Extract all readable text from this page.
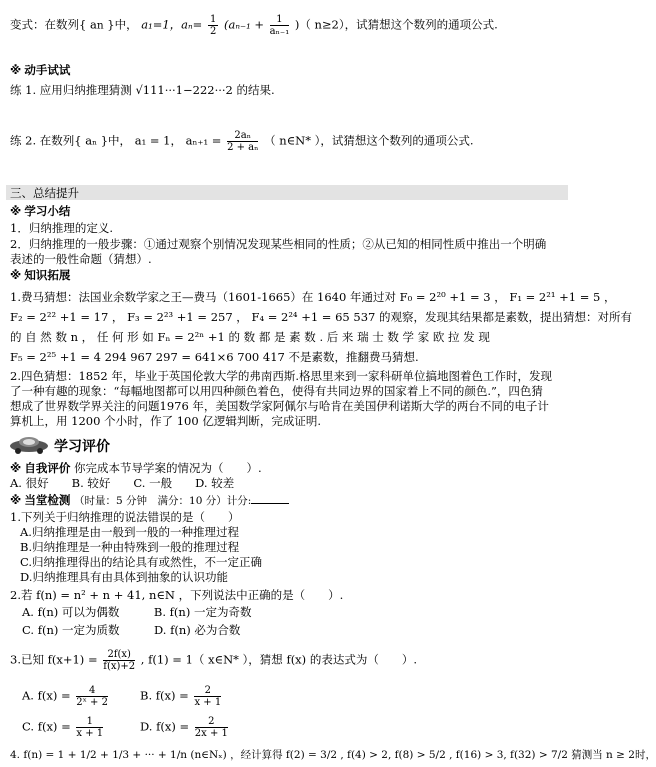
变式：在数列{ an }中， a₁=1，$a_n= \frac{1}{2} (a_{n-1} + \frac{1}{\text{aₙ₋₁}}$ )（ n≥2），试猜想这个数列的通项公式.
※ 动手试试
练 1. 应用归纳推理猜测 √111···1−222···2 的结果.
练 2. 在数列{ aₙ }中， a₁ = 1， $a_{n+1} = \frac{\text{2aₙ}}{\text{2 + aₙ}}$ （ n∈N* ），试猜想这个数列的通项公式.
三、总结提升
※ 学习小结
1．归纳推理的定义.
2．归纳推理的一般步骤：①通过观察个别情况发现某些相同的性质；②从已知的相同性质中推出一个明确
表述的一般性命题（猜想）.
※ 知识拓展
1.费马猜想：法国业余数学家之王—费马（1601-1665）在 1640 年通过对 F₀ = 2²⁰ +1 = 3 ， F₁ = 2²¹ +1 = 5 ，
F₂ = 2²² +1 = 17 ， F₃ = 2²³ +1 = 257 ， F₄ = 2²⁴ +1 = 65 537 的观察，发现其结果都是素数，提出猜想：对所有
的 自 然 数 n ， 任 何 形 如 Fₙ = 2²ⁿ +1 的 数 都 是 素 数 . 后 来 瑞 士 数 学 家 欧 拉 发 现
F₅ = 2²⁵ +1 = 4 294 967 297 = 641×6 700 417 不是素数，推翻费马猜想.
2.四色猜想：1852 年，毕业于英国伦敦大学的弗南西斯.格思里来到一家科研单位搞地图着色工作时，发现
了一种有趣的现象：“每幅地图都可以用四种颜色着色，使得有共同边界的国家着上不同的颜色.”，四色猜
想成了世界数学界关注的问题1976 年，美国数学家阿佩尔与哈肯在美国伊利诺斯大学的两台不同的电子计
算机上，用 1200 个小时，作了 100 亿逻辑判断，完成证明.
学习评价
※ 自我评价 你完成本节导学案的情况为（　　）.
A. 很好　　B. 较好　　C. 一般　　D. 较差
※ 当堂检测 （时量：5 分钟　满分：10 分）计分:
1.下列关于归纳推理的说法错误的是（　　）
A.归纳推理是由一般到一般的一种推理过程
B.归纳推理是一种由特殊到一般的推理过程
C.归纳推理得出的结论具有或然性，不一定正确
D.归纳推理具有由具体到抽象的认识功能
2.若 f(n) = n² + n + 41, n∈N ，下列说法中正确的是（　　）.
A. f(n) 可以为偶数　　　B. f(n) 一定为奇数
C. f(n) 一定为质数　　　D. f(n) 必为合数
3.已知 $f(x+1) = \frac{2f(x)}{f(x)+2}$ , f(1) = 1（ x∈N* ），猜想 f(x) 的表达式为（　　）.
A. $f(x) = \frac{4}{\text{2ˣ + 2}}$	B. $f(x) = \frac{2}{x + 1}$
C. $f(x) = \frac{1}{x + 1}$	D. $f(x) = \frac{2}{2x + 1}$
4. f(n) = 1 + 1/2 + 1/3 + ··· + 1/n (n∈Nₓ) ，经计算得 f(2) = 3/2 , f(4) > 2, f(8) > 5/2 , f(16) > 3, f(32) > 7/2 猜测当 n ≥ 2时，
